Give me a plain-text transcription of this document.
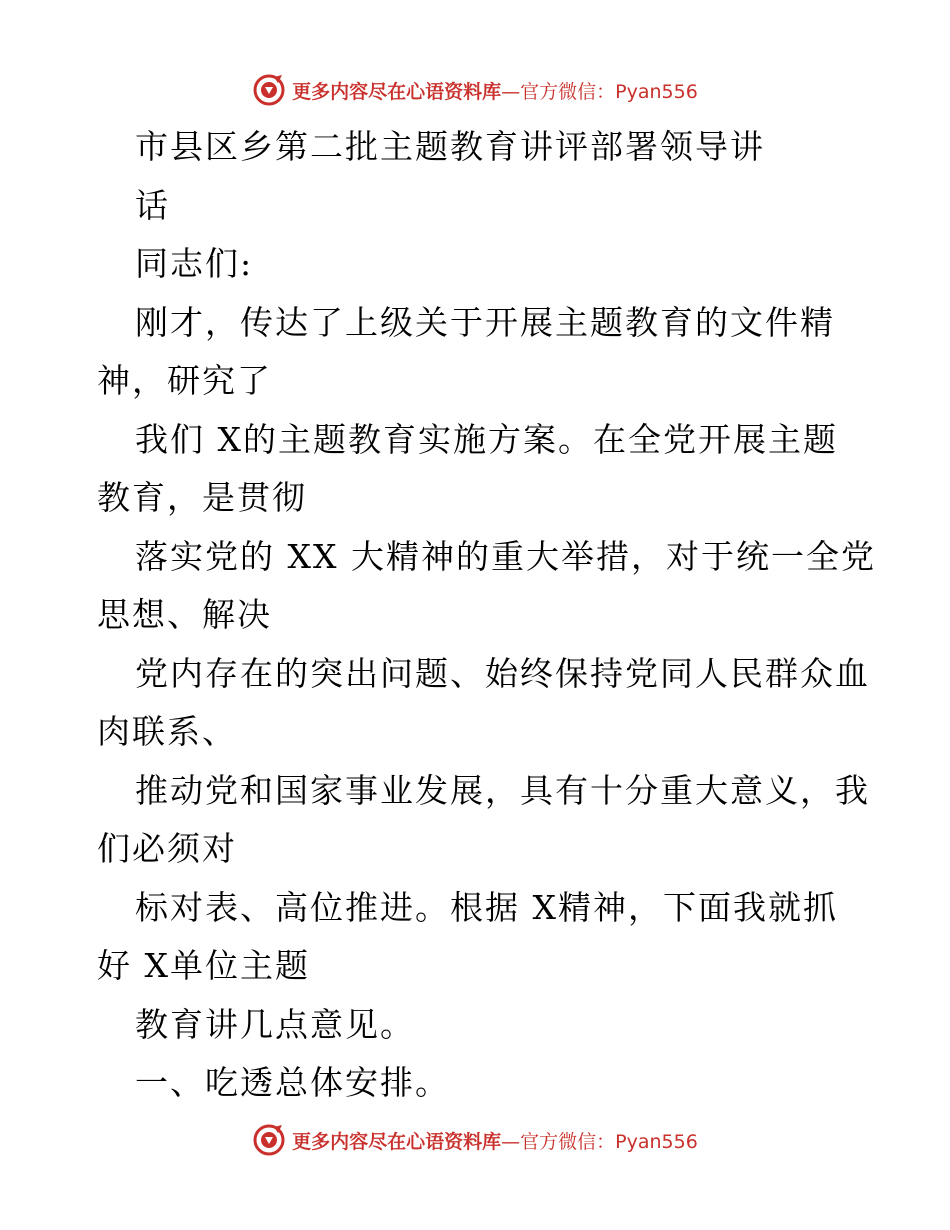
更多内容尽在心语资料库—官方微信：Pyan556
市县区乡第二批主题教育讲评部署领导讲
话
同志们:
刚才，传达了上级关于开展主题教育的文件精
神，研究了
我们 X的主题教育实施方案。在全党开展主题
教育，是贯彻
落实党的 XX 大精神的重大举措，对于统一全党
思想、解决
党内存在的突出问题、始终保持党同人民群众血
肉联系、
推动党和国家事业发展，具有十分重大意义，我
们必须对
标对表、高位推进。根据 X精神，下面我就抓
好 X单位主题
教育讲几点意见。
一、吃透总体安排。
更多内容尽在心语资料库—官方微信：Pyan556
